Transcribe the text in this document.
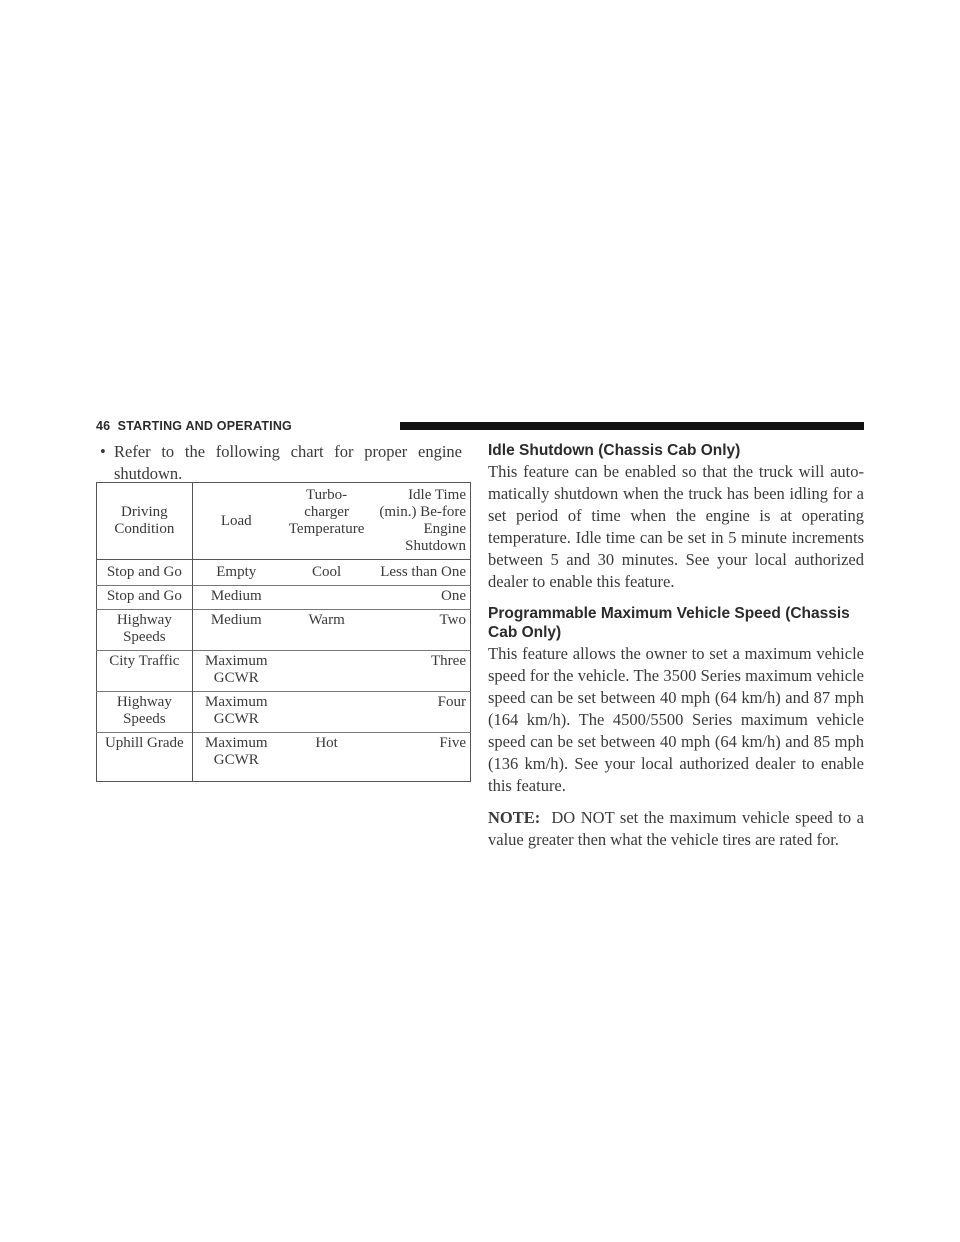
46 STARTING AND OPERATING
• Refer to the following chart for proper engine shutdown.
Driving Condition	Load	Turbo-charger Temperature	Idle Time (min.) Be-fore Engine Shutdown
Stop and Go	Empty	Cool	Less than One
Stop and Go	Medium		One
Highway Speeds	Medium	Warm	Two
City Traffic	Maximum GCWR		Three
Highway Speeds	Maximum GCWR		Four
Uphill Grade	Maximum GCWR	Hot	Five
Idle Shutdown (Chassis Cab Only)

This feature can be enabled so that the truck will auto-matically shutdown when the truck has been idling for a set period of time when the engine is at operating temperature. Idle time can be set in 5 minute increments between 5 and 30 minutes. See your local authorized dealer to enable this feature.

Programmable Maximum Vehicle Speed (Chassis Cab Only)

This feature allows the owner to set a maximum vehicle speed for the vehicle. The 3500 Series maximum vehicle speed can be set between 40 mph (64 km/h) and 87 mph (164 km/h). The 4500/5500 Series maximum vehicle speed can be set between 40 mph (64 km/h) and 85 mph (136 km/h). See your local authorized dealer to enable this feature.

NOTE: DO NOT set the maximum vehicle speed to a value greater then what the vehicle tires are rated for.
